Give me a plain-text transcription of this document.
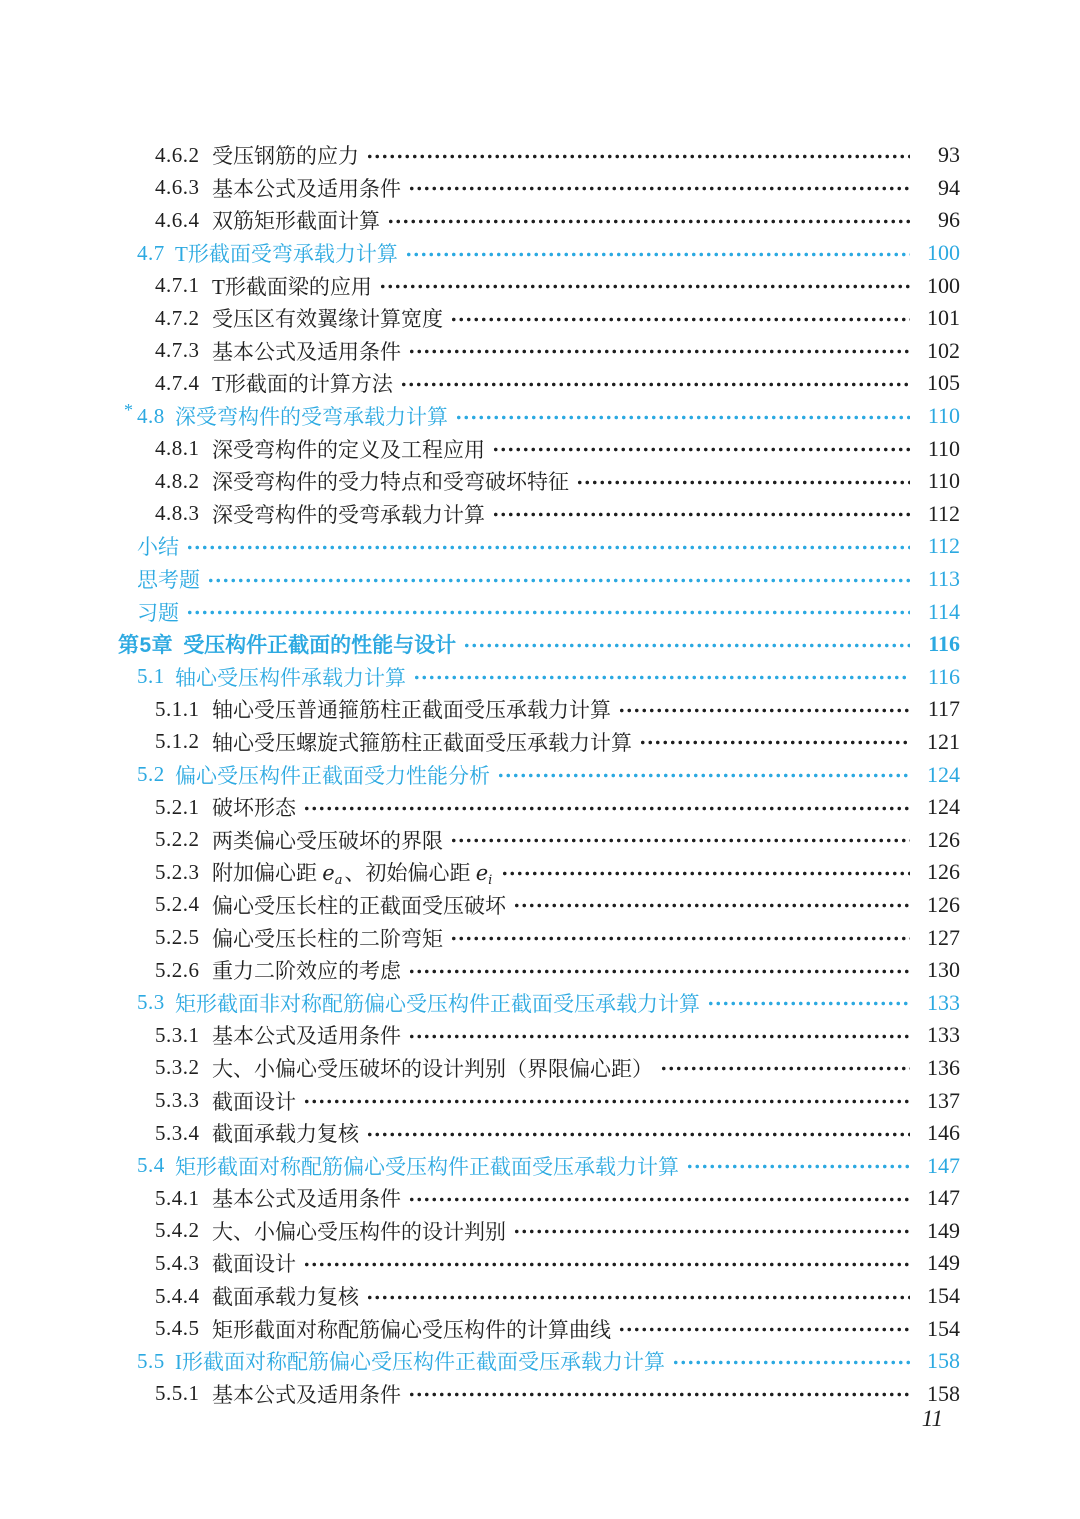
4.6.2 受压钢筋的应力	93
4.6.3 基本公式及适用条件	94
4.6.4 双筋矩形截面计算	96
4.7 T形截面受弯承载力计算	100
4.7.1 T形截面梁的应用	100
4.7.2 受压区有效翼缘计算宽度	101
4.7.3 基本公式及适用条件	102
4.7.4 T形截面的计算方法	105
* 4.8 深受弯构件的受弯承载力计算	110
4.8.1 深受弯构件的定义及工程应用	110
4.8.2 深受弯构件的受力特点和受弯破坏特征	110
4.8.3 深受弯构件的受弯承载力计算	112
小结	112
思考题	113
习题	114
第5章 受压构件正截面的性能与设计	116
5.1 轴心受压构件承载力计算	116
5.1.1 轴心受压普通箍筋柱正截面受压承载力计算	117
5.1.2 轴心受压螺旋式箍筋柱正截面受压承载力计算	121
5.2 偏心受压构件正截面受力性能分析	124
5.2.1 破坏形态	124
5.2.2 两类偏心受压破坏的界限	126
5.2.3 附加偏心距 ea、初始偏心距 ei	126
5.2.4 偏心受压长柱的正截面受压破坏	126
5.2.5 偏心受压长柱的二阶弯矩	127
5.2.6 重力二阶效应的考虑	130
5.3 矩形截面非对称配筋偏心受压构件正截面受压承载力计算	133
5.3.1 基本公式及适用条件	133
5.3.2 大、小偏心受压破坏的设计判别（界限偏心距）	136
5.3.3 截面设计	137
5.3.4 截面承载力复核	146
5.4 矩形截面对称配筋偏心受压构件正截面受压承载力计算	147
5.4.1 基本公式及适用条件	147
5.4.2 大、小偏心受压构件的设计判别	149
5.4.3 截面设计	149
5.4.4 截面承载力复核	154
5.4.5 矩形截面对称配筋偏心受压构件的计算曲线	154
5.5 I形截面对称配筋偏心受压构件正截面受压承载力计算	158
5.5.1 基本公式及适用条件	158
11
